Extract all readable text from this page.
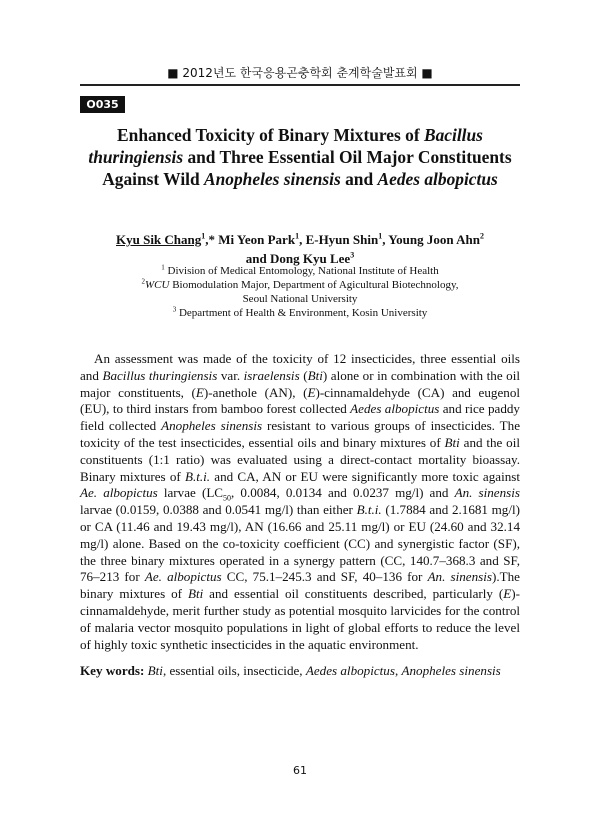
■ 2012년도 한국응용곤충학회 춘계학술발표회 ■
O035
Enhanced Toxicity of Binary Mixtures of Bacillus thuringiensis and Three Essential Oil Major Constituents Against Wild Anopheles sinensis and Aedes albopictus
Kyu Sik Chang$^1$,* Mi Yeon Park$^1$, E-Hyun Shin$^1$, Young Joon Ahn$^2$
and Dong Kyu Lee$^3$
$^1$ Division of Medical Entomology, National Institute of Health
$^2$WCU Biomodulation Major, Department of Agicultural Biotechnology,
Seoul National University
$^3$ Department of Health & Environment, Kosin University

An assessment was made of the toxicity of 12 insecticides, three essential oils and Bacillus thuringiensis var. israelensis (Bti) alone or in combination with the oil major constituents, (E)-anethole (AN), (E)-cinnamaldehyde (CA) and eugenol (EU), to third instars from bamboo forest collected Aedes albopictus and rice paddy field collected Anopheles sinensis resistant to various groups of insecticides. The toxicity of the test insecticides, essential oils and binary mixtures of Bti and the oil constituents (1:1 ratio) was evaluated using a direct-contact mortality bioassay. Binary mixtures of B.t.i. and CA, AN or EU were significantly more toxic against Ae. albopictus larvae ($LC_{50}$, 0.0084, 0.0134 and 0.0237 mg/l) and An. sinensis larvae (0.0159, 0.0388 and 0.0541 mg/l) than either B.t.i. (1.7884 and 2.1681 mg/l) or CA (11.46 and 19.43 mg/l), AN (16.66 and 25.11 mg/l) or EU (24.60 and 32.14 mg/l) alone. Based on the co-toxicity coefficient (CC) and synergistic factor (SF), the three binary mixtures operated in a synergy pattern (CC, 140.7–368.3 and SF, 76–213 for Ae. albopictus CC, 75.1–245.3 and SF, 40–136 for An. sinensis).The binary mixtures of Bti and essential oil constituents described, particularly (E)-cinnamaldehyde, merit further study as potential mosquito larvicides for the control of malaria vector mosquito populations in light of global efforts to reduce the level of highly toxic synthetic insecticides in the aquatic environment.

Key words: Bti, essential oils, insecticide, Aedes albopictus, Anopheles sinensis
61
